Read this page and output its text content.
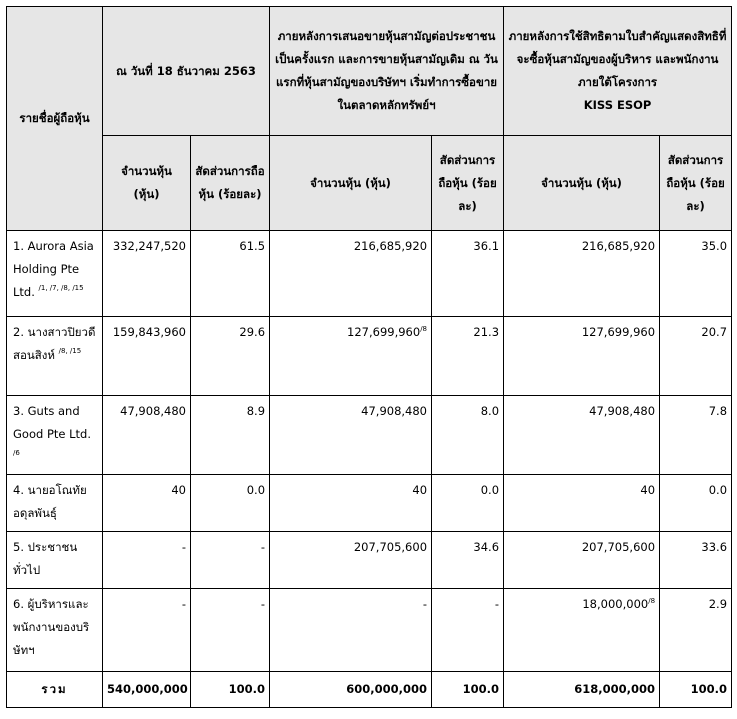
รายชื่อผู้ถือหุ้น	ณ วันที่ 18 ธันวาคม 2563		ภายหลังการเสนอขายหุ้นสามัญต่อประชาชนเป็นครั้งแรก และการขายหุ้นสามัญเดิม ณ วันแรกที่หุ้นสามัญของบริษัทฯ เริ่มทำการซื้อขายในตลาดหลักทรัพย์ฯ		ภายหลังการใช้สิทธิตามใบสำคัญแสดงสิทธิที่จะซื้อหุ้นสามัญของผู้บริหาร และพนักงานภายใต้โครงการ
KISS ESOP	
	จำนวนหุ้น (หุ้น)	สัดส่วนการถือหุ้น (ร้อยละ)	จำนวนหุ้น (หุ้น)	สัดส่วนการถือหุ้น (ร้อยละ)	จำนวนหุ้น (หุ้น)	สัดส่วนการถือหุ้น (ร้อยละ)
1. Aurora Asia Holding Pte Ltd. $^{/1, /7, /8, /15}$	332,247,520	61.5	216,685,920	36.1	216,685,920	35.0
2. นางสาวปิยวดี สอนสิงห์ $^{/8, /15}$	159,843,960	29.6	$127,699,960^{/8}$	21.3	127,699,960	20.7
3. Guts and Good Pte Ltd. $^{/6}$	47,908,480	8.9	47,908,480	8.0	47,908,480	7.8
4. นายอโณทัย อดุลพันธุ์	40	0.0	40	0.0	40	0.0
5. ประชาชนทั่วไป	-	-	207,705,600	34.6	207,705,600	33.6
6. ผู้บริหารและพนักงานของบริษัทฯ	-	-	-	-	$18,000,000^{/8}$	2.9
รวม	540,000,000	100.0	600,000,000	100.0	618,000,000	100.0
